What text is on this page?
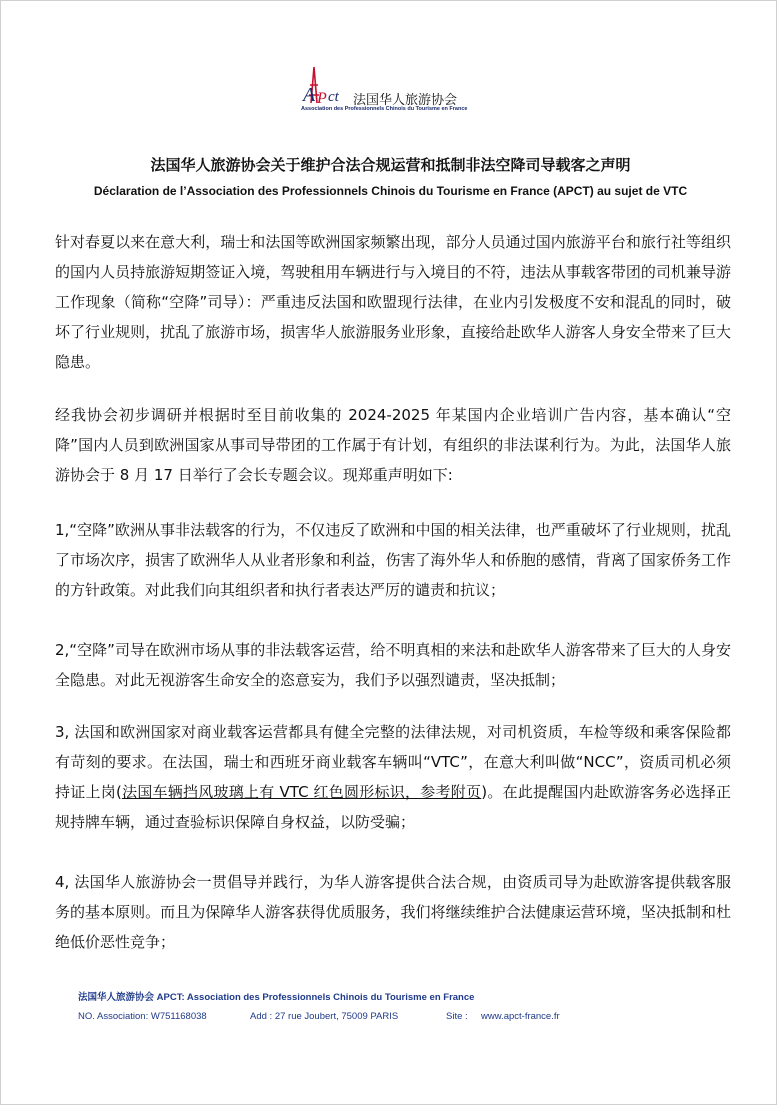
A P ct 法国华人旅游协会
Association des Professionnels Chinois du Tourisme en France
法国华人旅游协会关于维护合法合规运营和抵制非法空降司导载客之声明
Déclaration de l’Association des Professionnels Chinois du Tourisme en France (APCT) au sujet de VTC
针对春夏以来在意大利，瑞士和法国等欧洲国家频繁出现，部分人员通过国内旅游平台和旅行社等组织的国内人员持旅游短期签证入境，驾驶租用车辆进行与入境目的不符，违法从事载客带团的司机兼导游工作现象（简称“空降”司导）：严重违反法国和欧盟现行法律，在业内引发极度不安和混乱的同时，破坏了行业规则，扰乱了旅游市场，损害华人旅游服务业形象，直接给赴欧华人游客人身安全带来了巨大隐患。
经我协会初步调研并根据时至目前收集的 2024-2025 年某国内企业培训广告内容，基本确认“空降”国内人员到欧洲国家从事司导带团的工作属于有计划，有组织的非法谋利行为。为此，法国华人旅游协会于 8 月 17 日举行了会长专题会议。现郑重声明如下:
1,“空降”欧洲从事非法载客的行为，不仅违反了欧洲和中国的相关法律，也严重破坏了行业规则，扰乱了市场次序，损害了欧洲华人从业者形象和利益，伤害了海外华人和侨胞的感情，背离了国家侨务工作的方针政策。对此我们向其组织者和执行者表达严厉的谴责和抗议；
2,“空降”司导在欧洲市场从事的非法载客运营，给不明真相的来法和赴欧华人游客带来了巨大的人身安全隐患。对此无视游客生命安全的恣意妄为，我们予以强烈谴责，坚决抵制；
3, 法国和欧洲国家对商业载客运营都具有健全完整的法律法规，对司机资质，车检等级和乘客保险都有苛刻的要求。在法国，瑞士和西班牙商业载客车辆叫“VTC”，在意大利叫做“NCC”，资质司机必须持证上岗(法国车辆挡风玻璃上有 VTC 红色圆形标识，参考附页)。在此提醒国内赴欧游客务必选择正规持牌车辆，通过查验标识保障自身权益，以防受骗；
4, 法国华人旅游协会一贯倡导并践行，为华人游客提供合法合规，由资质司导为赴欧游客提供载客服务的基本原则。而且为保障华人游客获得优质服务，我们将继续维护合法健康运营环境，坚决抵制和杜绝低价恶性竞争；
法国华人旅游协会 APCT: Association des Professionnels Chinois du Tourisme en France
NO. Association: W751168038	Add : 27 rue Joubert, 75009 PARIS	Site : www.apct-france.fr
